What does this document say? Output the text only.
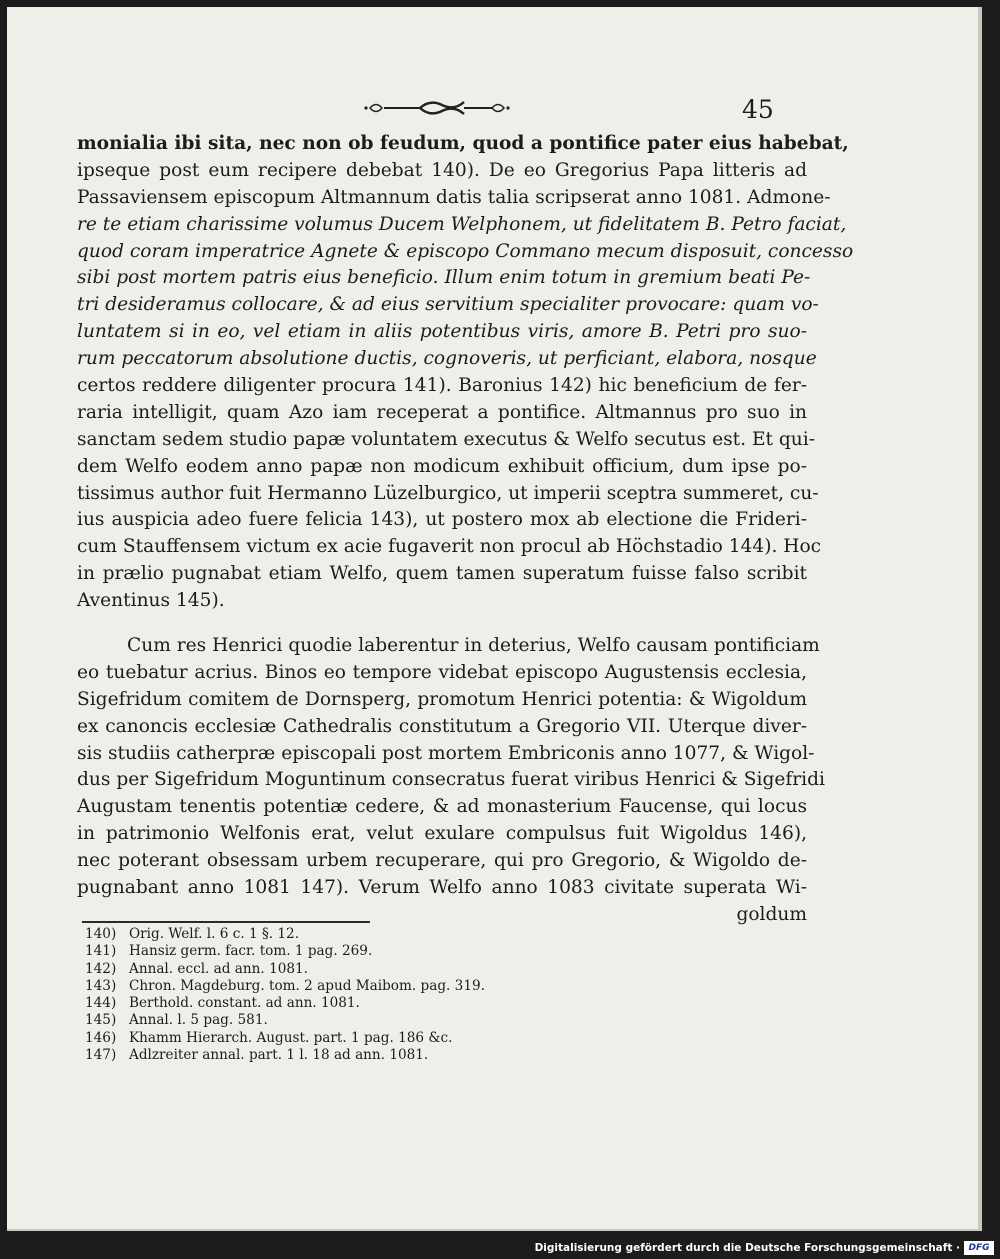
45
monialia ibi sita, nec non ob feudum, quod a pontifice pater eius habebat,
ipseque post eum recipere debebat 140). De eo Gregorius Papa litteris ad
Passaviensem episcopum Altmannum datis talia scripserat anno 1081. Admone-
re te etiam charissime volumus Ducem Welphonem, ut fidelitatem B. Petro faciat,
quod coram imperatrice Agnete & episcopo Commano mecum disposuit, concesso
sibi post mortem patris eius beneficio. Illum enim totum in gremium beati Pe-
tri desideramus collocare, & ad eius servitium specialiter provocare: quam vo-
luntatem si in eo, vel etiam in aliis potentibus viris, amore B. Petri pro suo-
rum peccatorum absolutione ductis, cognoveris, ut perficiant, elabora, nosque
certos reddere diligenter procura 141). Baronius 142) hic beneficium de fer-
raria intelligit, quam Azo iam receperat a pontifice. Altmannus pro suo in
sanctam sedem studio papæ voluntatem executus & Welfo secutus est. Et qui-
dem Welfo eodem anno papæ non modicum exhibuit officium, dum ipse po-
tissimus author fuit Hermanno Lüzelburgico, ut imperii sceptra summeret, cu-
ius auspicia adeo fuere felicia 143), ut postero mox ab electione die Frideri-
cum Stauffensem victum ex acie fugaverit non procul ab Höchstadio 144). Hoc
in prælio pugnabat etiam Welfo, quem tamen superatum fuisse falso scribit
Aventinus 145).
Cum res Henrici quodie laberentur in deterius, Welfo causam pontificiam
eo tuebatur acrius. Binos eo tempore videbat episcopo Augustensis ecclesia,
Sigefridum comitem de Dornsperg, promotum Henrici potentia: & Wigoldum
ex canoncis ecclesiæ Cathedralis constitutum a Gregorio VII. Uterque diver-
sis studiis catherpræ episcopali post mortem Embriconis anno 1077, & Wigol-
dus per Sigefridum Moguntinum consecratus fuerat viribus Henrici & Sigefridi
Augustam tenentis potentiæ cedere, & ad monasterium Faucense, qui locus
in patrimonio Welfonis erat, velut exulare compulsus fuit Wigoldus 146),
nec poterant obsessam urbem recuperare, qui pro Gregorio, & Wigoldo de-
pugnabant anno 1081 147). Verum Welfo anno 1083 civitate superata Wi-
goldum
140) Orig. Welf. l. 6 c. 1 §. 12.
141) Hansiz germ. facr. tom. 1 pag. 269.
142) Annal. eccl. ad ann. 1081.
143) Chron. Magdeburg. tom. 2 apud Maibom. pag. 319.
144) Berthold. constant. ad ann. 1081.
145) Annal. l. 5 pag. 581.
146) Khamm Hierarch. August. part. 1 pag. 186 &c.
147) Adlzreiter annal. part. 1 l. 18 ad ann. 1081.
Digitalisierung gefördert durch die Deutsche Forschungsgemeinschaft · DFG
